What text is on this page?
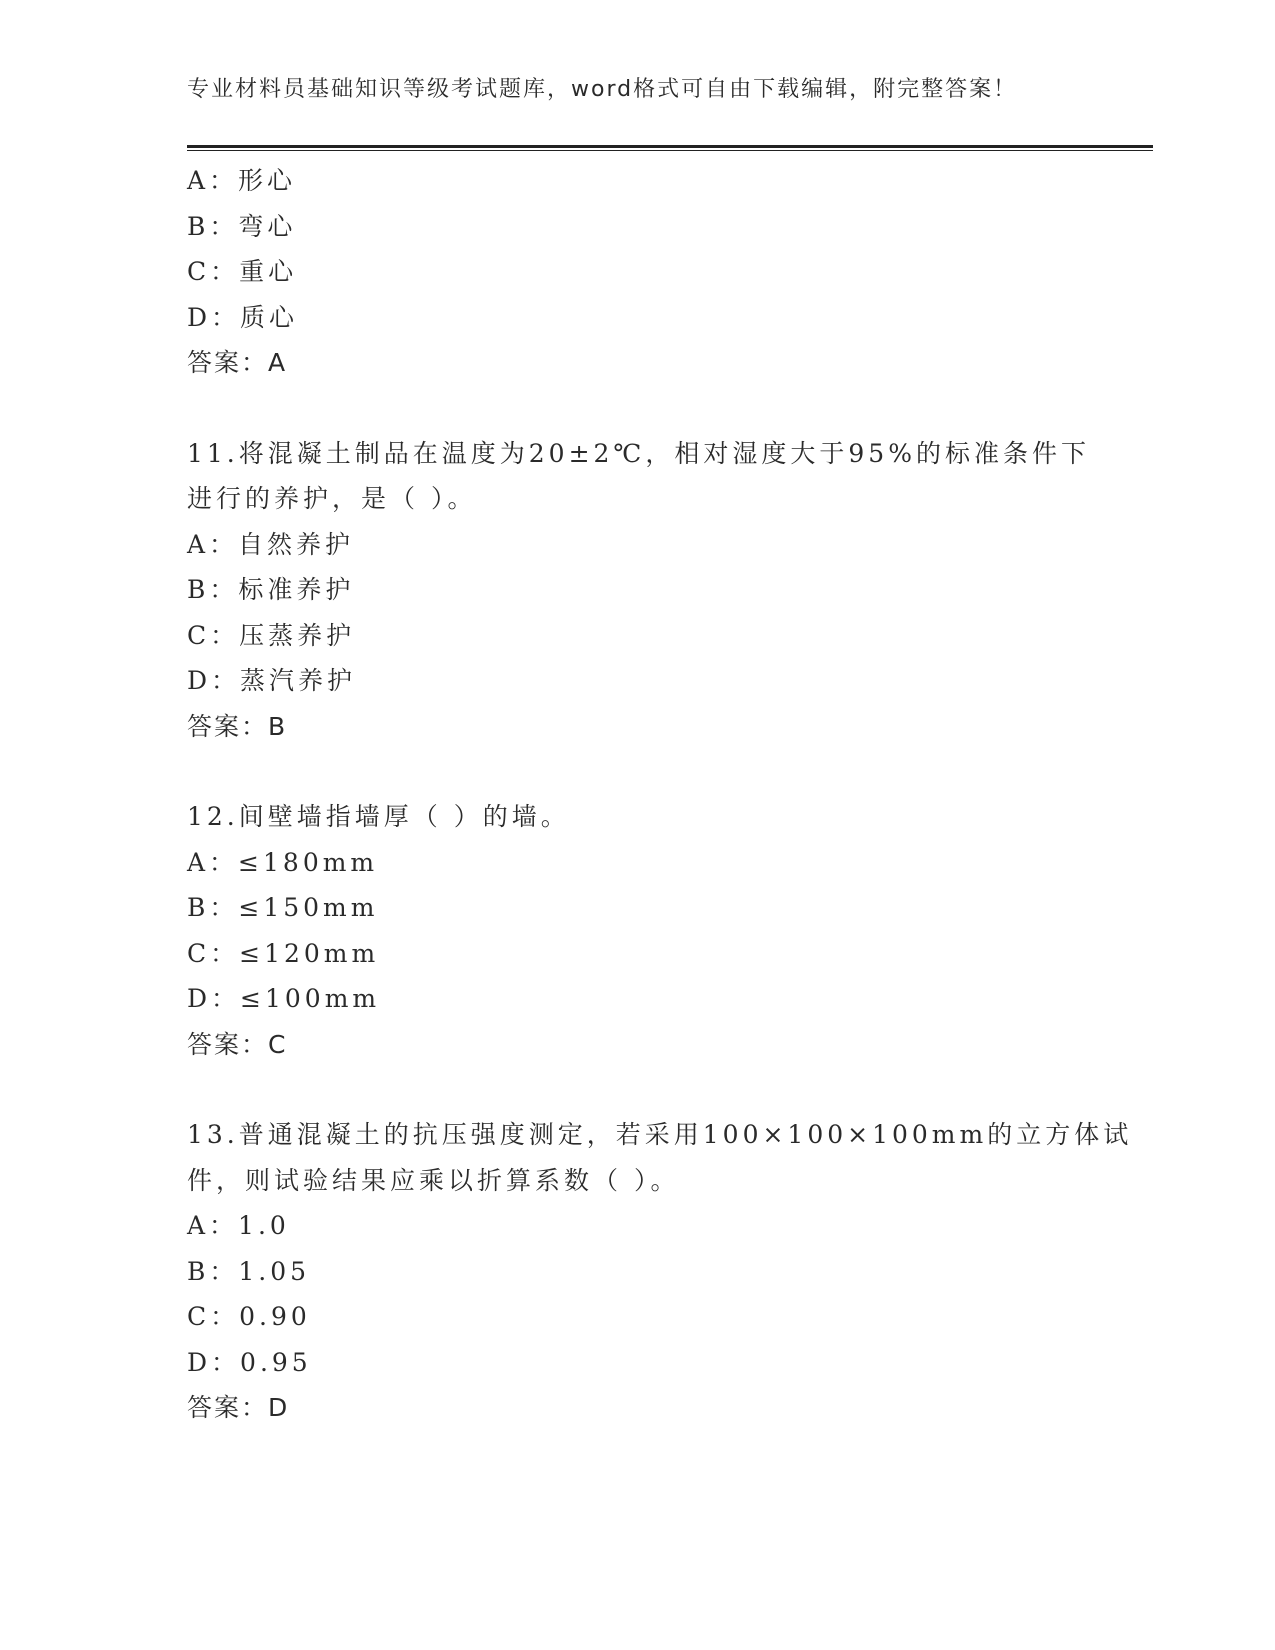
专业材料员基础知识等级考试题库，word格式可自由下载编辑，附完整答案！
A：形心
B：弯心
C：重心
D：质心
答案：A
11.将混凝土制品在温度为20±2℃，相对湿度大于95%的标准条件下
进行的养护，是（ ）。
A：自然养护
B：标准养护
C：压蒸养护
D：蒸汽养护
答案：B
12.间壁墙指墙厚（ ）的墙。
A：≤180mm
B：≤150mm
C：≤120mm
D：≤100mm
答案：C
13.普通混凝土的抗压强度测定，若采用100×100×100mm的立方体试
件，则试验结果应乘以折算系数（ ）。
A：1.0
B：1.05
C：0.90
D：0.95
答案：D
